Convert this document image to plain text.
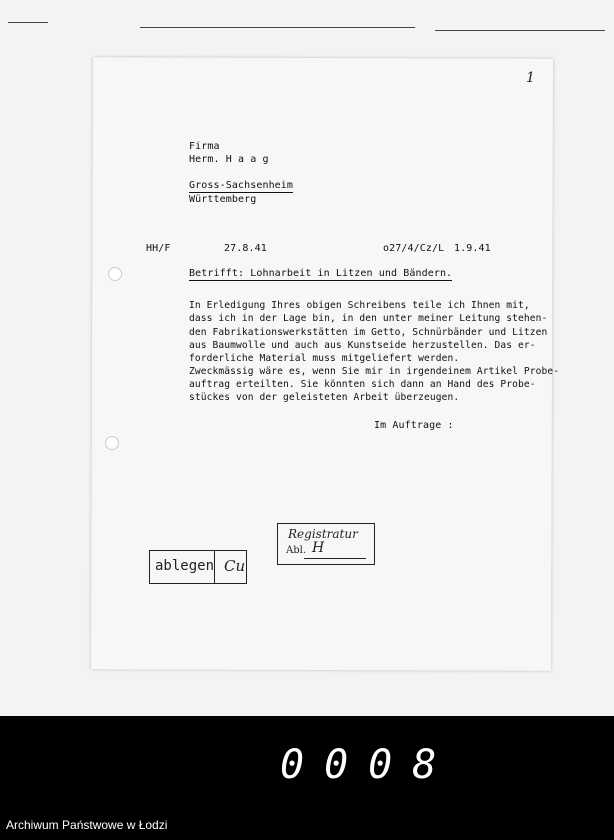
1
Firma
Herm. H a a g
Gross-Sachsenheim
Württemberg
HH/F	27.8.41	o27/4/Cz/L 1.9.41
Betrifft: Lohnarbeit in Litzen und Bändern.
In Erledigung Ihres obigen Schreibens teile ich Ihnen mit,
dass ich in der Lage bin, in den unter meiner Leitung stehen-
den Fabrikationswerkstätten im Getto, Schnürbänder und Litzen
aus Baumwolle und auch aus Kunstseide herzustellen. Das er-
forderliche Material muss mitgeliefert werden.
Zweckmässig wäre es, wenn Sie mir in irgendeinem Artikel Probe-
auftrag erteilten. Sie könnten sich dann an Hand des Probe-
stückes von der geleisteten Arbeit überzeugen.
Im Auftrage :
ablegen Cu
Registratur
Abl. H
0008
Archiwum Państwowe w Łodzi
